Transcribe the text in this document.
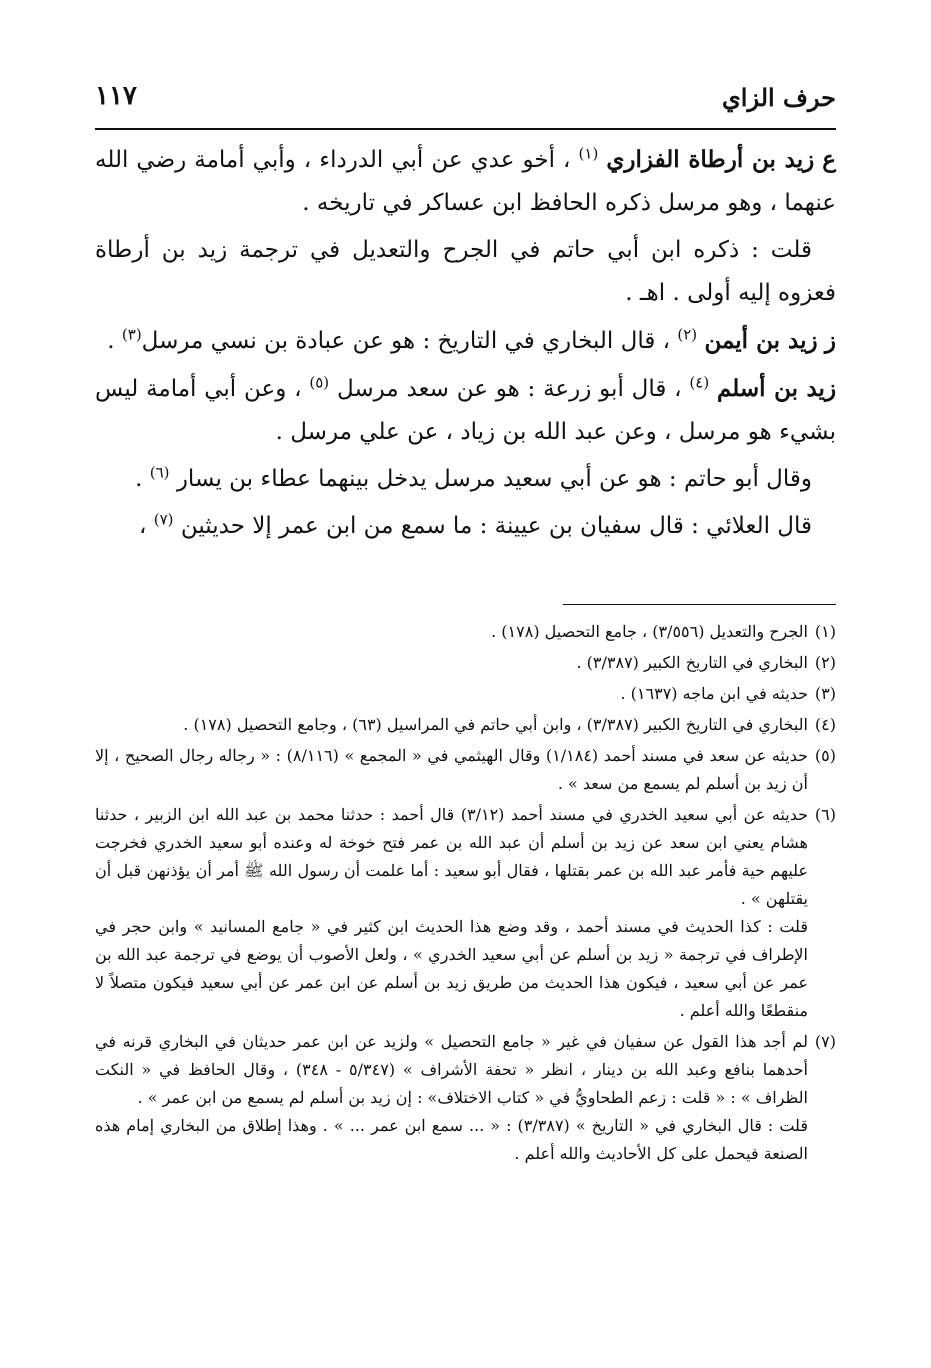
حرف الزاي
١١٧

ع زيد بن أرطاة الفزاري $^{(١)}$ ، أخو عدي عن أبي الدرداء ، وأبي أمامة رضي الله عنهما ، وهو مرسل ذكره الحافظ ابن عساكر في تاريخه .

قلت : ذكره ابن أبي حاتم في الجرح والتعديل في ترجمة زيد بن أرطاة فعزوه إليه أولى . اهـ .

ز زيد بن أيمن $^{(٢)}$ ، قال البخاري في التاريخ : هو عن عبادة بن نسي مرسل$^{(٣)}$ .

زيد بن أسلم $^{(٤)}$ ، قال أبو زرعة : هو عن سعد مرسل $^{(٥)}$ ، وعن أبي أمامة ليس بشيء هو مرسل ، وعن عبد الله بن زياد ، عن علي مرسل .

وقال أبو حاتم : هو عن أبي سعيد مرسل يدخل بينهما عطاء بن يسار $^{(٦)}$ .

قال العلائي : قال سفيان بن عيينة : ما سمع من ابن عمر إلا حديثين $^{(٧)}$ ،

(١)

الجرح والتعديل (٣/٥٥٦) ، جامع التحصيل (١٧٨) .

(٢)

البخاري في التاريخ الكبير (٣/٣٨٧) .

(٣)

حديثه في ابن ماجه (١٦٣٧) .

(٤)

البخاري في التاريخ الكبير (٣/٣٨٧) ، وابن أبي حاتم في المراسيل (٦٣) ، وجامع التحصيل (١٧٨) .

(٥)

حديثه عن سعد في مسند أحمد (١/١٨٤) وقال الهيثمي في « المجمع » (٨/١١٦) : « رجاله رجال الصحيح ، إلا أن زيد بن أسلم لم يسمع من سعد » .

(٦)

حديثه عن أبي سعيد الخدري في مسند أحمد (٣/١٢) قال أحمد : حدثنا محمد بن عبد الله ابن الزبير ، حدثنا هشام يعني ابن سعد عن زيد بن أسلم أن عبد الله بن عمر فتح خوخة له وعنده أبو سعيد الخدري فخرجت عليهم حية فأمر عبد الله بن عمر بقتلها ، فقال أبو سعيد : أما علمت أن رسول الله ﷺ أمر أن يؤذنهن قبل أن يقتلهن » .

قلت : كذا الحديث في مسند أحمد ، وقد وضع هذا الحديث ابن كثير في « جامع المسانيد » وابن حجر في الإطراف في ترجمة « زيد بن أسلم عن أبي سعيد الخدري » ، ولعل الأصوب أن يوضع في ترجمة عبد الله بن عمر عن أبي سعيد ، فيكون هذا الحديث من طريق زيد بن أسلم عن ابن عمر عن أبي سعيد فيكون متصلاً لا منقطعًا والله أعلم .

(٧)

لم أجد هذا القول عن سفيان في غير « جامع التحصيل » ولزيد عن ابن عمر حديثان في البخاري قرنه في أحدهما بنافع وعبد الله بن دينار ، انظر « تحفة الأشراف » (٥/٣٤٧ - ٣٤٨) ، وقال الحافظ في « النكت الظراف » : « قلت : زعم الطحاويُّ في « كتاب الاختلاف» : إن زيد بن أسلم لم يسمع من ابن عمر » .

قلت : قال البخاري في « التاريخ » (٣/٣٨٧) : « ... سمع ابن عمر ... » . وهذا إطلاق من البخاري إمام هذه الصنعة فيحمل على كل الأحاديث والله أعلم .
